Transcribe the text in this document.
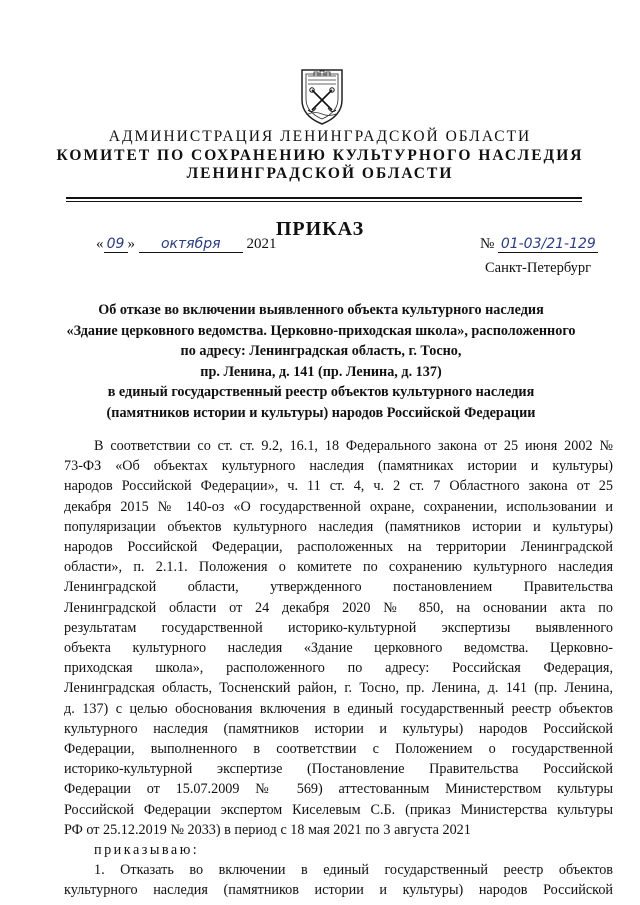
АДМИНИСТРАЦИЯ ЛЕНИНГРАДСКОЙ ОБЛАСТИ
КОМИТЕТ ПО СОХРАНЕНИЮ КУЛЬТУРНОГО НАСЛЕДИЯ
ЛЕНИНГРАДСКОЙ ОБЛАСТИ
ПРИКАЗ
« 09 » октября 2021	№ 01-03/21-129
Санкт-Петербург
Об отказе во включении выявленного объекта культурного наследия
«Здание церковного ведомства. Церковно-приходская школа», расположенного
по адресу: Ленинградская область, г. Тосно,
пр. Ленина, д. 141 (пр. Ленина, д. 137)
в единый государственный реестр объектов культурного наследия
(памятников истории и культуры) народов Российской Федерации
В соответствии со ст. ст. 9.2, 16.1, 18 Федерального закона от 25 июня 2002 №
73-ФЗ «Об объектах культурного наследия (памятниках истории и культуры)
народов Российской Федерации», ч. 11 ст. 4, ч. 2 ст. 7 Областного закона от 25
декабря 2015 № 140-оз «О государственной охране, сохранении, использовании и
популяризации объектов культурного наследия (памятников истории и культуры)
народов Российской Федерации, расположенных на территории Ленинградской
области», п. 2.1.1. Положения о комитете по сохранению культурного наследия
Ленинградской области, утвержденного постановлением Правительства
Ленинградской области от 24 декабря 2020 № 850, на основании акта по
результатам государственной историко-культурной экспертизы выявленного
объекта культурного наследия «Здание церковного ведомства. Церковно-
приходская школа», расположенного по адресу: Российская Федерация,
Ленинградская область, Тосненский район, г. Тосно, пр. Ленина, д. 141 (пр. Ленина,
д. 137) с целью обоснования включения в единый государственный реестр объектов
культурного наследия (памятников истории и культуры) народов Российской
Федерации, выполненного в соответствии с Положением о государственной
историко-культурной экспертизе (Постановление Правительства Российской
Федерации от 15.07.2009 № 569) аттестованным Министерством культуры
Российской Федерации экспертом Киселевым С.Б. (приказ Министерства культуры
РФ от 25.12.2019 № 2033) в период с 18 мая 2021 по 3 августа 2021
приказываю:
1. Отказать во включении в единый государственный реестр объектов
культурного наследия (памятников истории и культуры) народов Российской
